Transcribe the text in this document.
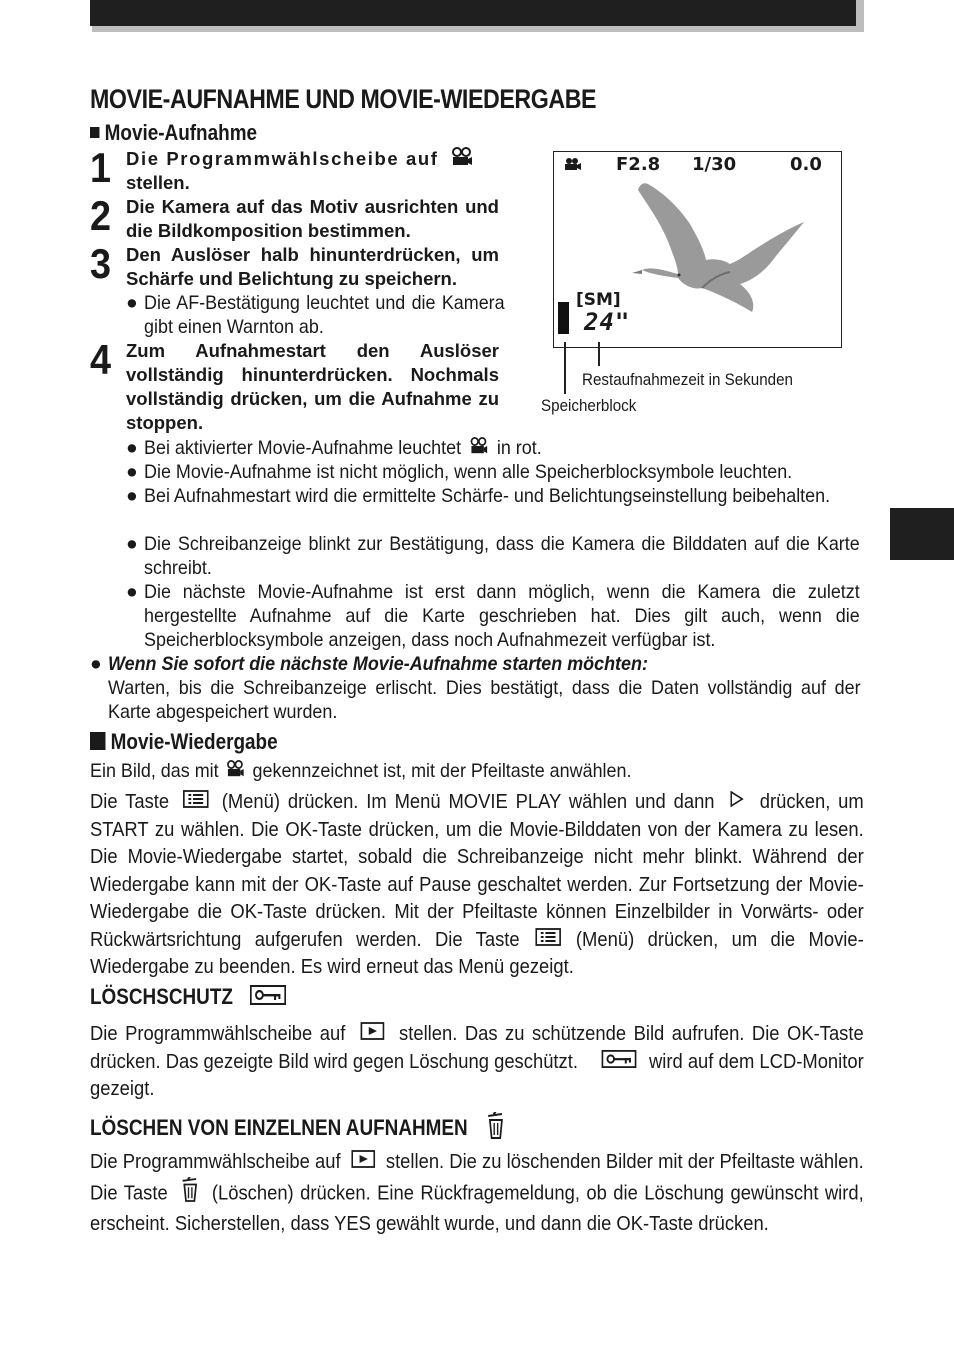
MOVIE-AUFNAHME UND MOVIE-WIEDERGABE
Movie-Aufnahme
1 Die Programmwählscheibe auf
stellen.
2 Die Kamera auf das Motiv ausrichten und die Bildkomposition bestimmen.
3 Den Auslöser halb hinunterdrücken, um Schärfe und Belichtung zu speichern.
● Die AF-Bestätigung leuchtet und die Kamera gibt einen Warnton ab.
4 Zum Aufnahmestart den Auslöser vollständig hinunterdrücken. Nochmals vollständig drücken, um die Aufnahme zu stoppen.
F2.8 1/30	0.0
[SM]
24"
Restaufnahmezeit in Sekunden
Speicherblock
● Bei aktivierter Movie-Aufnahme leuchtet in rot.
● Die Movie-Aufnahme ist nicht möglich, wenn alle Speicherblocksymbole leuchten.
● Bei Aufnahmestart wird die ermittelte Schärfe- und Belichtungseinstellung beibehalten.
● Die Schreibanzeige blinkt zur Bestätigung, dass die Kamera die Bilddaten auf die Karte schreibt.
● Die nächste Movie-Aufnahme ist erst dann möglich, wenn die Kamera die zuletzt hergestellte Aufnahme auf die Karte geschrieben hat. Dies gilt auch, wenn die Speicherblocksymbole anzeigen, dass noch Aufnahmezeit verfügbar ist.
● Wenn Sie sofort die nächste Movie-Aufnahme starten möchten:
Warten, bis die Schreibanzeige erlischt. Dies bestätigt, dass die Daten vollständig auf der Karte abgespeichert wurden.
Movie-Wiedergabe
Ein Bild, das mit gekennzeichnet ist, mit der Pfeiltaste anwählen.
Die Taste	(Menü) drücken. Im Menü MOVIE PLAY wählen und dann drücken, um START zu wählen. Die OK-Taste drücken, um die Movie-Bilddaten von der Kamera zu lesen. Die Movie-Wiedergabe startet, sobald die Schreibanzeige nicht mehr blinkt. Während der Wiedergabe kann mit der OK-Taste auf Pause geschaltet werden. Zur Fortsetzung der Movie-Wiedergabe die OK-Taste drücken. Mit der Pfeiltaste können Einzelbilder in Vorwärts- oder Rückwärtsrichtung aufgerufen werden. Die Taste	(Menü) drücken, um die Movie-Wiedergabe zu beenden. Es wird erneut das Menü gezeigt.
LÖSCHSCHUTZ
Die Programmwählscheibe auf	stellen. Das zu schützende Bild aufrufen. Die OK-Taste drücken. Das gezeigte Bild wird gegen Löschung geschützt.	wird auf dem LCD-Monitor gezeigt.
LÖSCHEN VON EINZELNEN AUFNAHMEN
Die Programmwählscheibe auf stellen. Die zu löschenden Bilder mit der Pfeiltaste wählen. Die Taste (Löschen) drücken. Eine Rückfragemeldung, ob die Löschung gewünscht wird, erscheint. Sicherstellen, dass YES gewählt wurde, und dann die OK-Taste drücken.
